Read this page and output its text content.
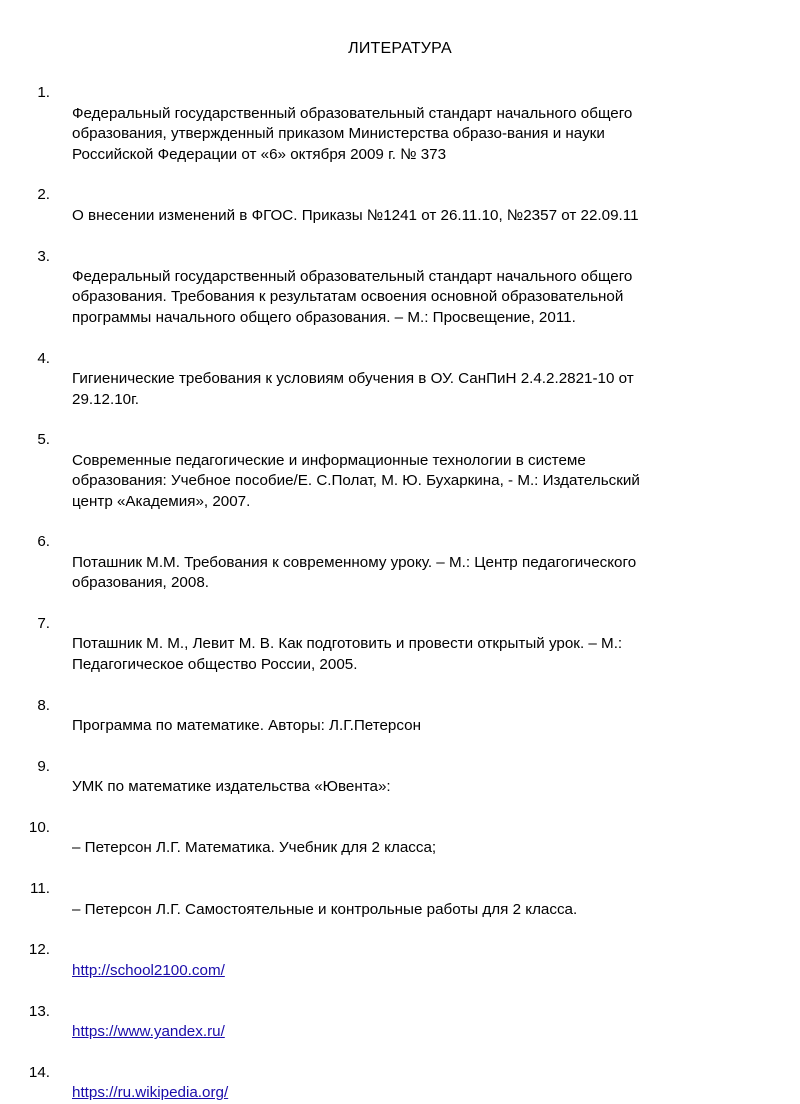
ЛИТЕРАТУРА

1.

Федеральный государственный образовательный стандарт начального общего
образования, утвержденный приказом Министерства образо-вания и науки
Российской Федерации от «6» октября 2009 г. № 373

2.

О внесении изменений в ФГОС. Приказы №1241 от 26.11.10, №2357 от 22.09.11

3.

Федеральный государственный образовательный стандарт начального общего
образования. Требования к результатам освоения основной образовательной
программы начального общего образования. – М.: Просвещение, 2011.

4.

Гигиенические требования к условиям обучения в ОУ. СанПиН 2.4.2.2821-10 от
29.12.10г.

5.

Современные педагогические и информационные технологии в системе
образования: Учебное пособие/Е. С.Полат, М. Ю. Бухаркина, - М.: Издательский
центр «Академия», 2007.

6.

Поташник М.М. Требования к современному уроку. – М.: Центр педагогического
образования, 2008.

7.

Поташник М. М., Левит М. В. Как подготовить и провести открытый урок. – М.:
Педагогическое общество России, 2005.

8.

Программа по математике. Авторы: Л.Г.Петерсон

9.

УМК по математике издательства «Ювента»:

10.

– Петерсон Л.Г. Математика. Учебник для 2 класса;

11.

– Петерсон Л.Г. Самостоятельные и контрольные работы для 2 класса.

12.

http://school2100.com/

13.

https://www.yandex.ru/

14.

https://ru.wikipedia.org/
